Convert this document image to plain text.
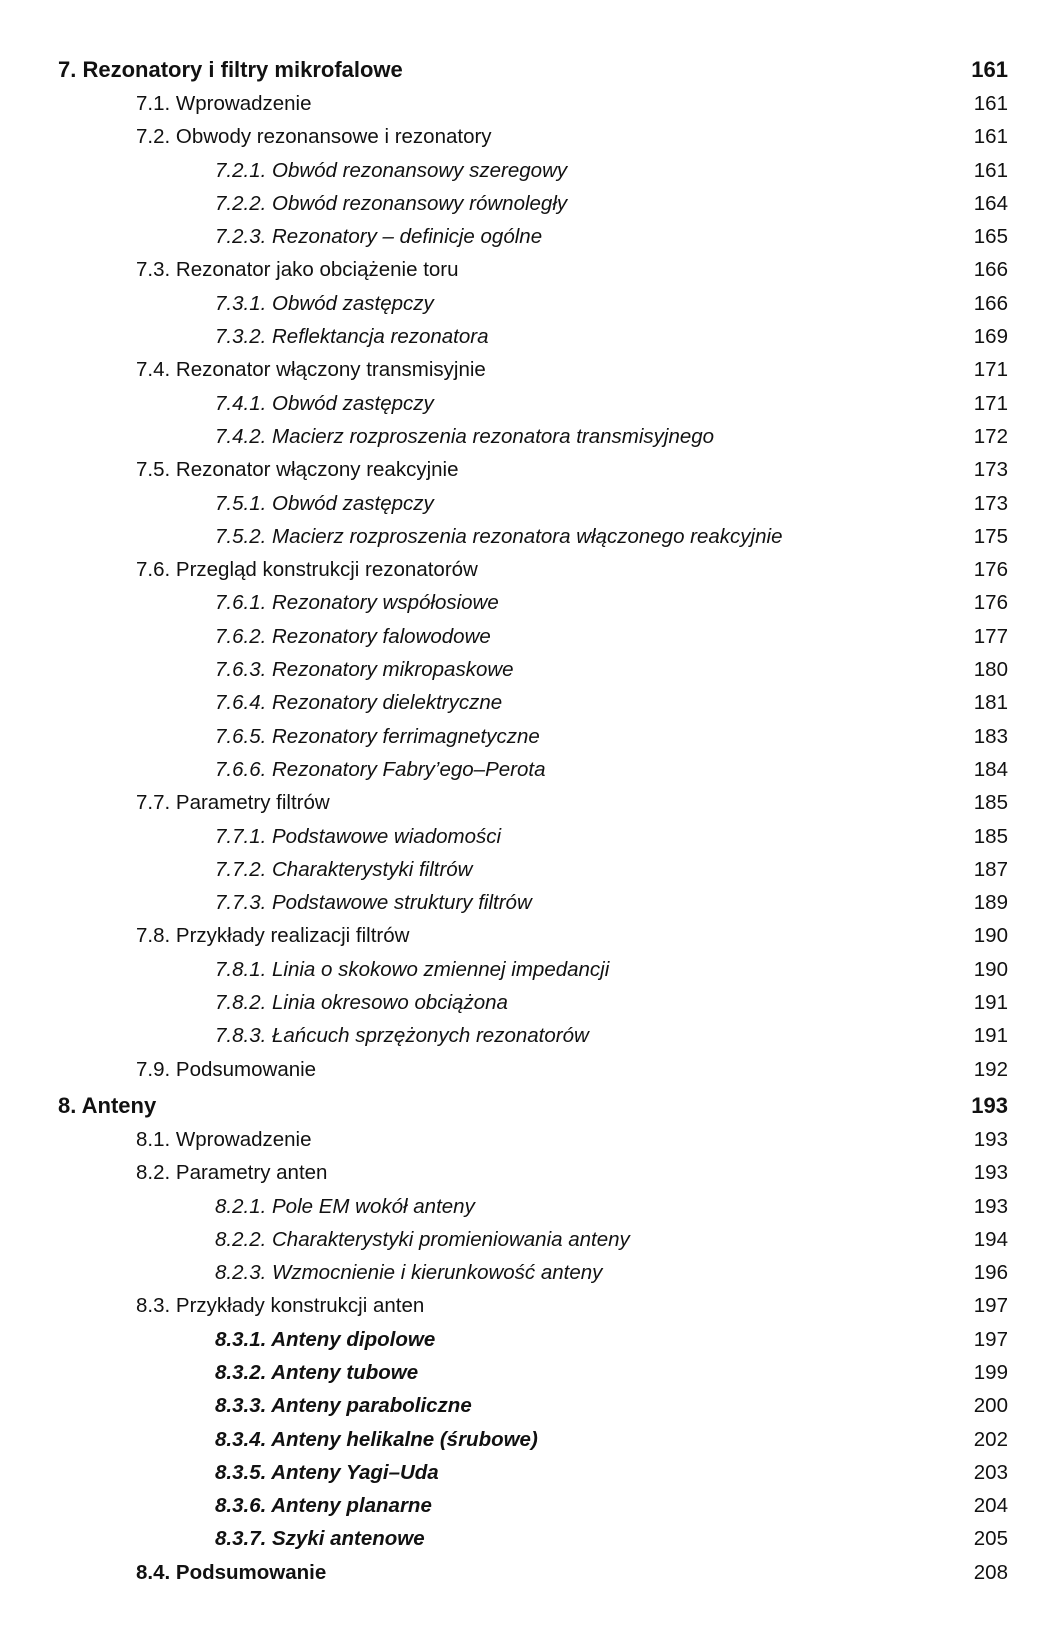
7. Rezonatory i filtry mikrofalowe	161
7.1. Wprowadzenie	161
7.2. Obwody rezonansowe i rezonatory	161
7.2.1. Obwód rezonansowy szeregowy	161
7.2.2. Obwód rezonansowy równoległy	164
7.2.3. Rezonatory – definicje ogólne	165
7.3. Rezonator jako obciążenie toru	166
7.3.1. Obwód zastępczy	166
7.3.2. Reflektancja rezonatora	169
7.4. Rezonator włączony transmisyjnie	171
7.4.1. Obwód zastępczy	171
7.4.2. Macierz rozproszenia rezonatora transmisyjnego	172
7.5. Rezonator włączony reakcyjnie	173
7.5.1. Obwód zastępczy	173
7.5.2. Macierz rozproszenia rezonatora włączonego reakcyjnie	175
7.6. Przegląd konstrukcji rezonatorów	176
7.6.1. Rezonatory współosiowe	176
7.6.2. Rezonatory falowodowe	177
7.6.3. Rezonatory mikropaskowe	180
7.6.4. Rezonatory dielektryczne	181
7.6.5. Rezonatory ferrimagnetyczne	183
7.6.6. Rezonatory Fabry’ego–Perota	184
7.7. Parametry filtrów	185
7.7.1. Podstawowe wiadomości	185
7.7.2. Charakterystyki filtrów	187
7.7.3. Podstawowe struktury filtrów	189
7.8. Przykłady realizacji filtrów	190
7.8.1. Linia o skokowo zmiennej impedancji	190
7.8.2. Linia okresowo obciążona	191
7.8.3. Łańcuch sprzężonych rezonatorów	191
7.9. Podsumowanie	192
8. Anteny	193
8.1. Wprowadzenie	193
8.2. Parametry anten	193
8.2.1. Pole EM wokół anteny	193
8.2.2. Charakterystyki promieniowania anteny	194
8.2.3. Wzmocnienie i kierunkowość anteny	196
8.3. Przykłady konstrukcji anten	197
8.3.1. Anteny dipolowe	197
8.3.2. Anteny tubowe	199
8.3.3. Anteny paraboliczne	200
8.3.4. Anteny helikalne (śrubowe)	202
8.3.5. Anteny Yagi–Uda	203
8.3.6. Anteny planarne	204
8.3.7. Szyki antenowe	205
8.4. Podsumowanie	208
